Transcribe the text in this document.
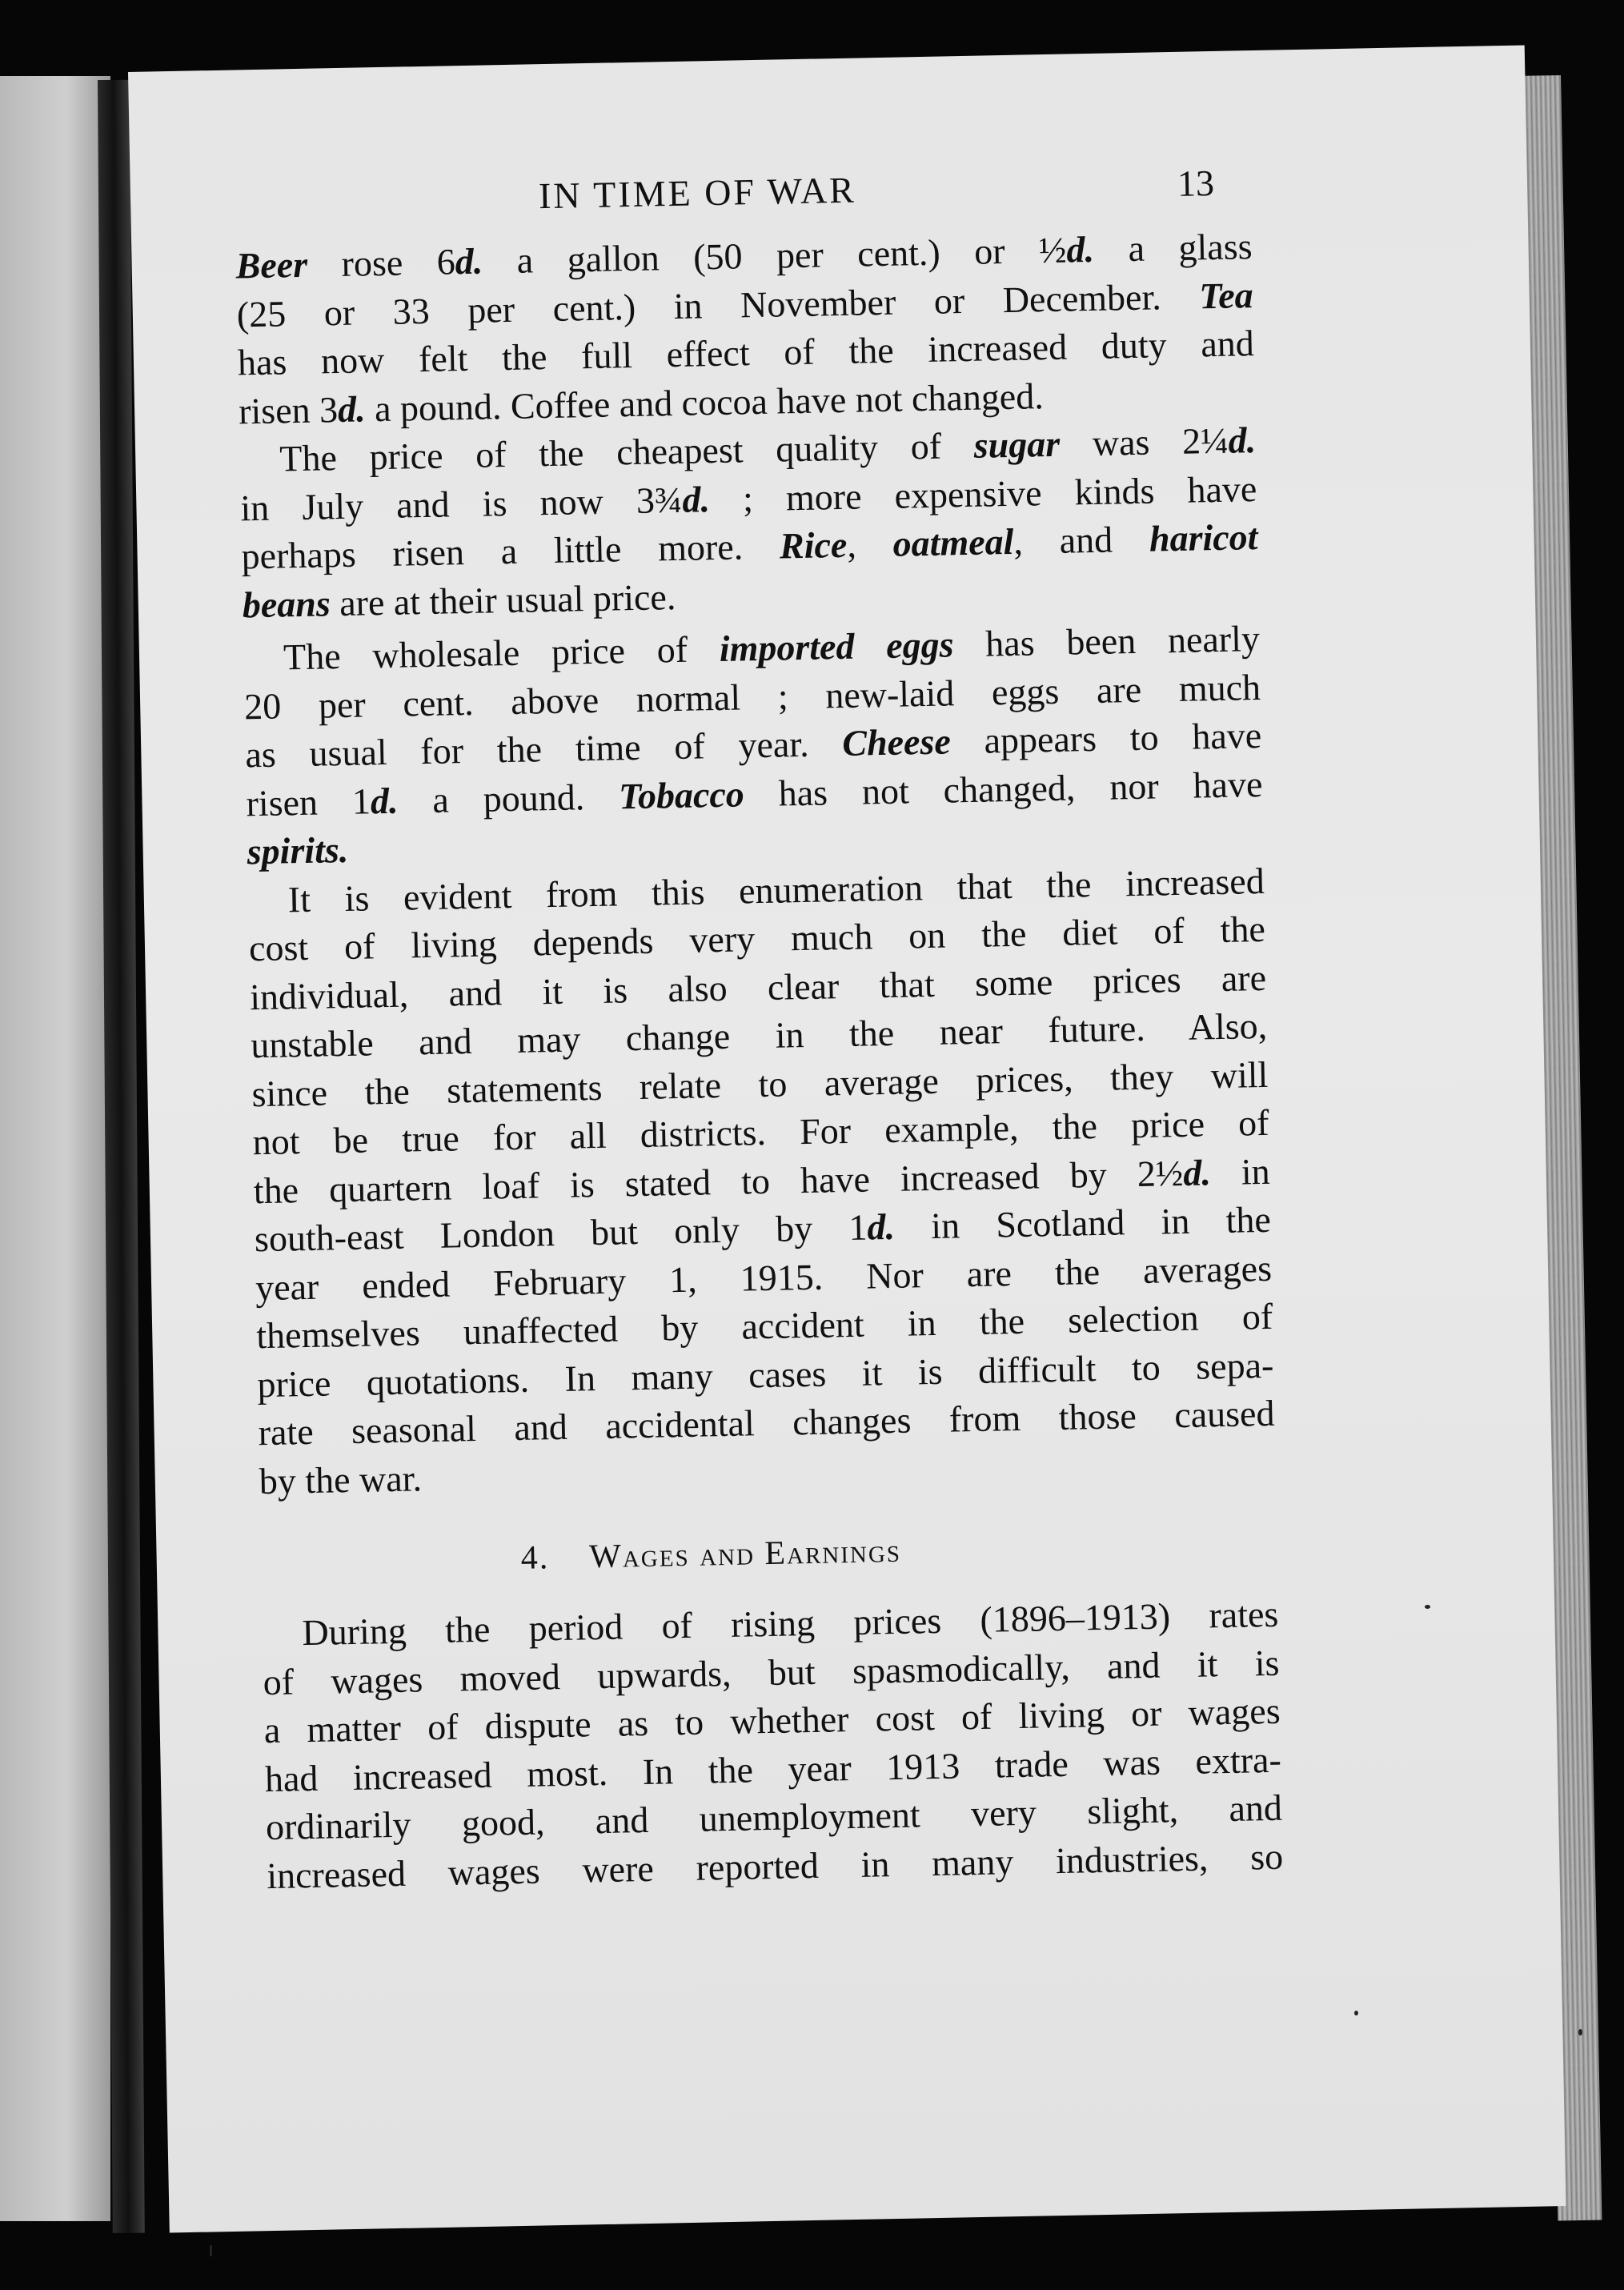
IN TIME OF WAR	13
Beer rose 6d. a gallon (50 per cent.) or ½d. a glass
(25 or 33 per cent.) in November or December. Tea
has now felt the full effect of the increased duty and
risen 3d. a pound. Coffee and cocoa have not changed.
The price of the cheapest quality of sugar was 2¼d.
in July and is now 3¾d. ; more expensive kinds have
perhaps risen a little more. Rice, oatmeal, and haricot
beans are at their usual price.
The wholesale price of imported eggs has been nearly
20 per cent. above normal ; new-laid eggs are much
as usual for the time of year. Cheese appears to have
risen 1d. a pound. Tobacco has not changed, nor have
spirits.
It is evident from this enumeration that the increased
cost of living depends very much on the diet of the
individual, and it is also clear that some prices are
unstable and may change in the near future. Also,
since the statements relate to average prices, they will
not be true for all districts. For example, the price of
the quartern loaf is stated to have increased by 2½d. in
south-east London but only by 1d. in Scotland in the
year ended February 1, 1915. Nor are the averages
themselves unaffected by accident in the selection of
price quotations. In many cases it is difficult to sepa-
rate seasonal and accidental changes from those caused
by the war.
4. Wages and Earnings
During the period of rising prices (1896–1913) rates
of wages moved upwards, but spasmodically, and it is
a matter of dispute as to whether cost of living or wages
had increased most. In the year 1913 trade was extra-
ordinarily good, and unemployment very slight, and
increased wages were reported in many industries, so
